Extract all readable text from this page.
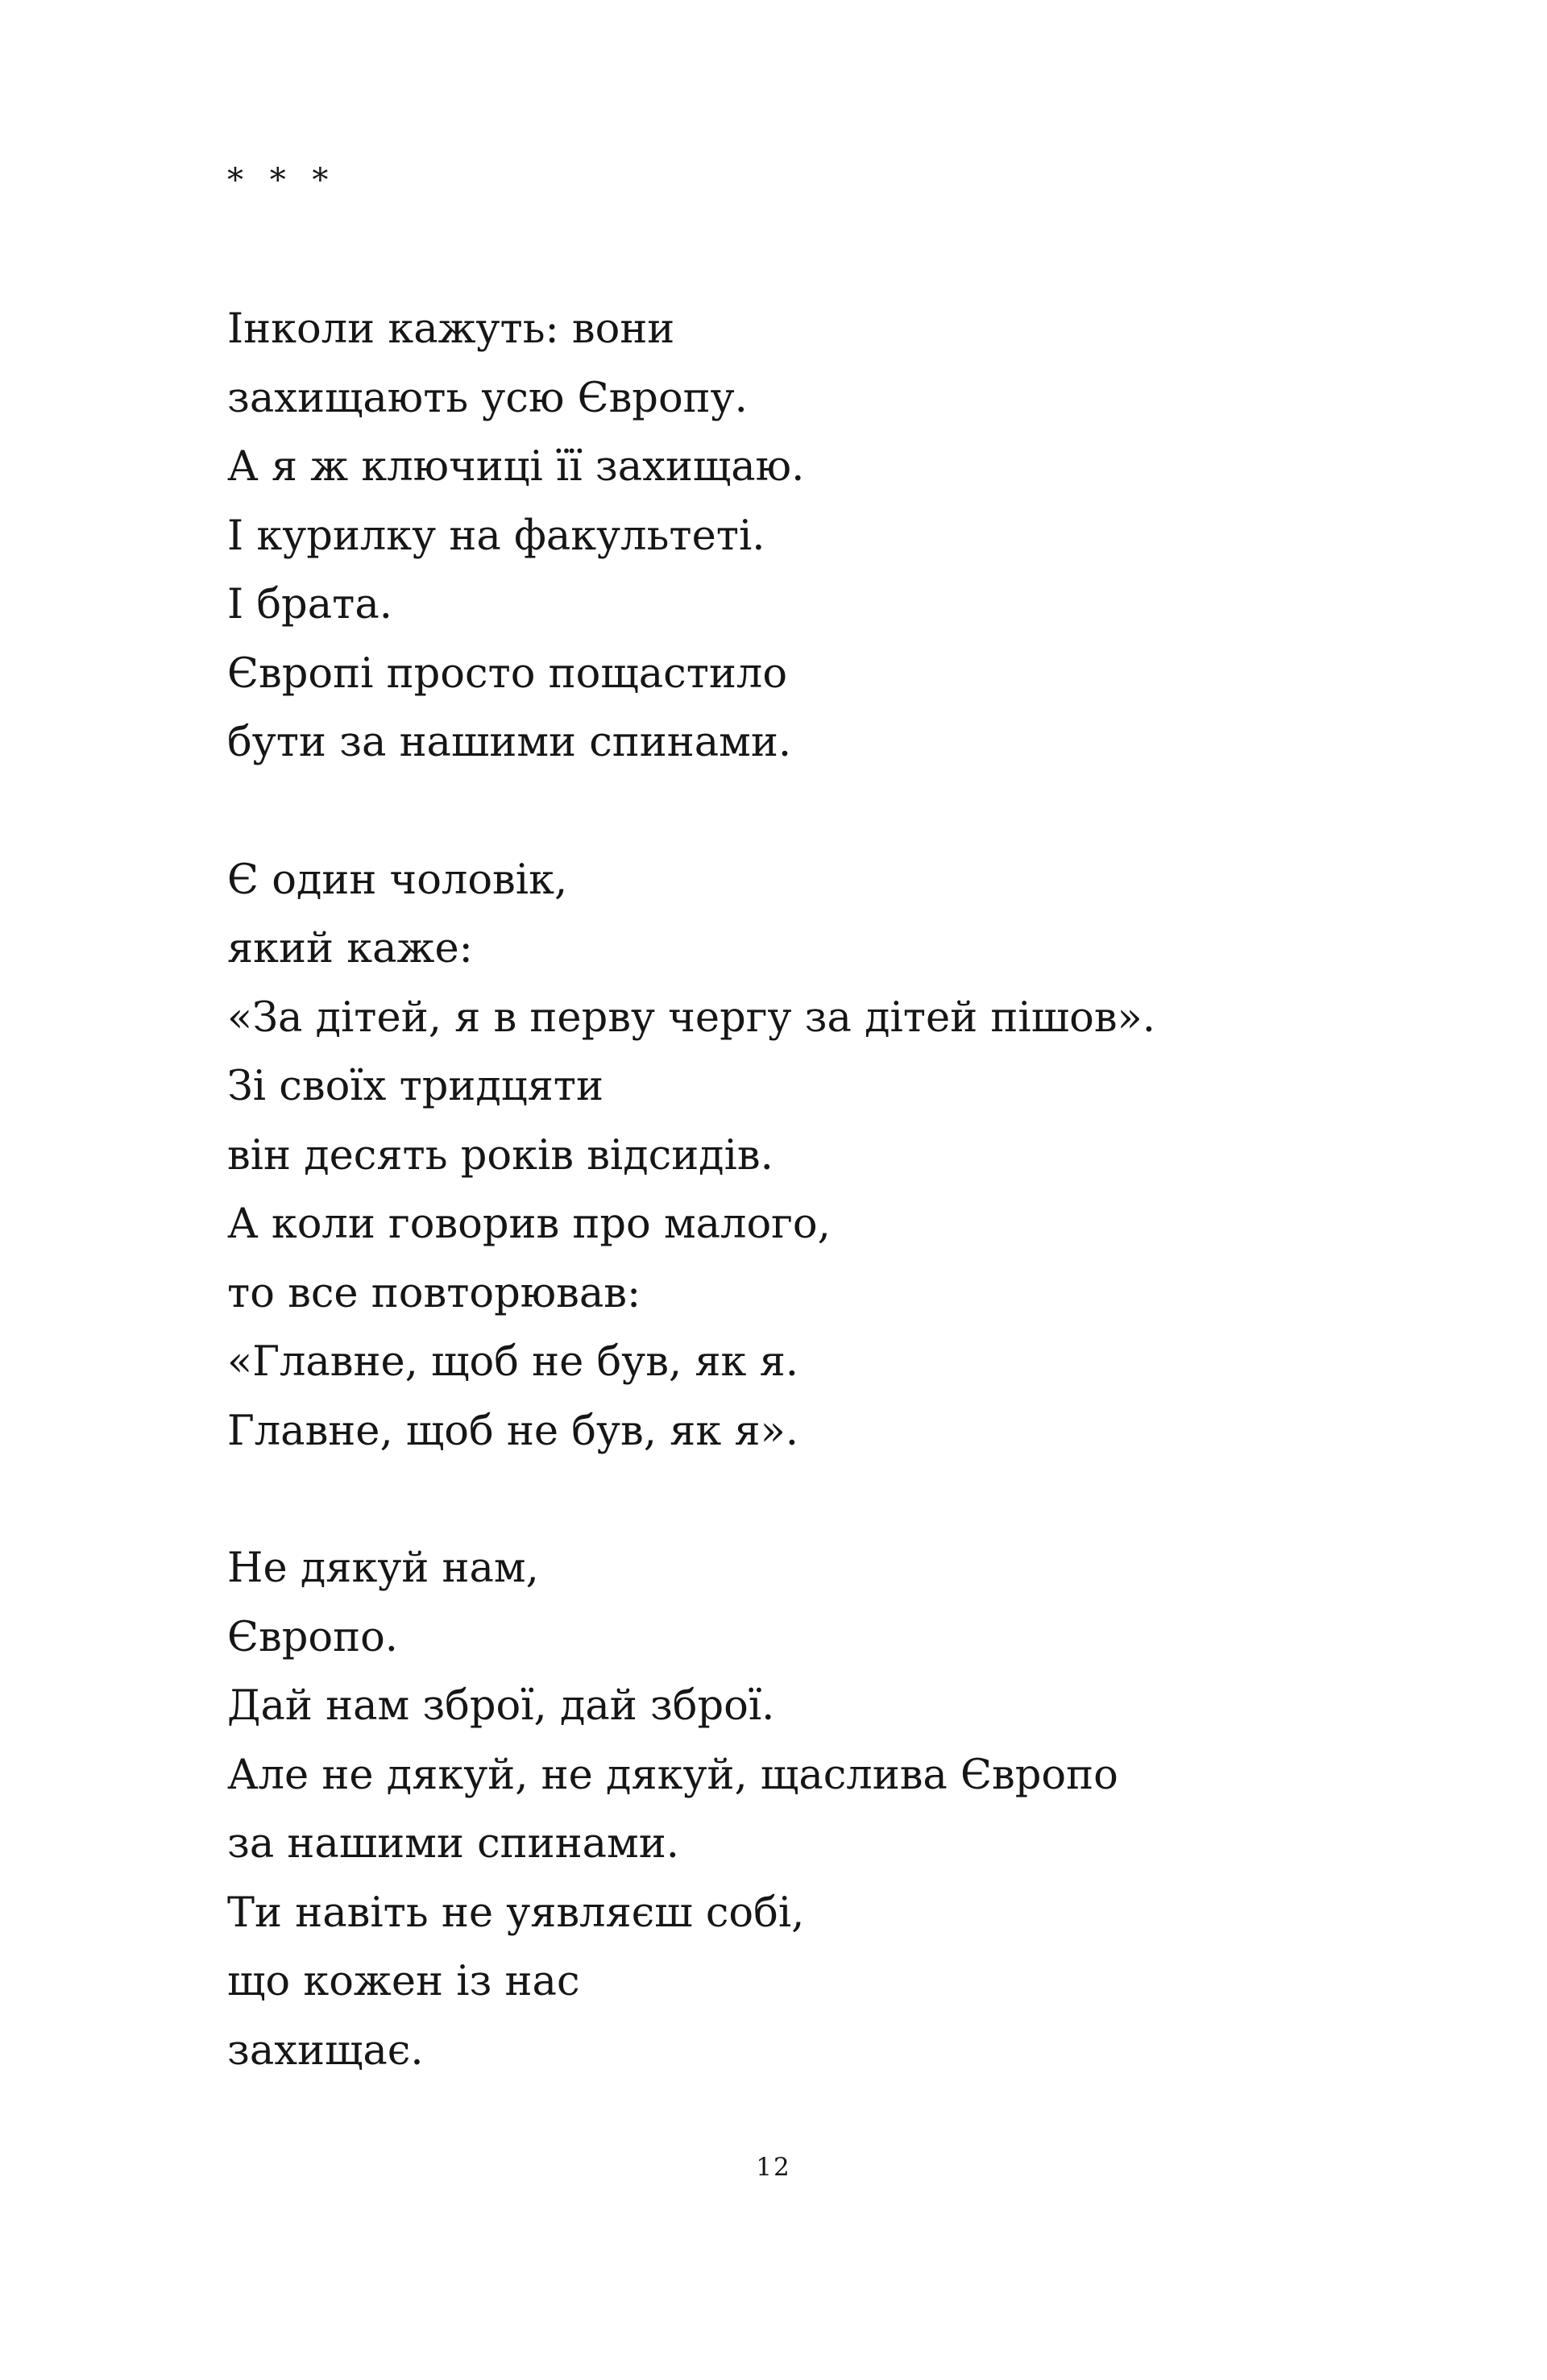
* * *

Інколи кажуть: вони
захищають усю Європу.
А я ж ключиці її захищаю.
І курилку на факультеті.
І брата.
Європі просто пощастило
бути за нашими спинами.
Є один чоловік,
який каже:
«За дітей, я в перву чергу за дітей пішов».
Зі своїх тридцяти
він десять років відсидів.
А коли говорив про малого,
то все повторював:
«Главне, щоб не був, як я.
Главне, щоб не був, як я».
Не дякуй нам,
Європо.
Дай нам зброї, дай зброї.
Але не дякуй, не дякуй, щаслива Європо
за нашими спинами.
Ти навіть не уявляєш собі,
що кожен із нас
захищає.

12
